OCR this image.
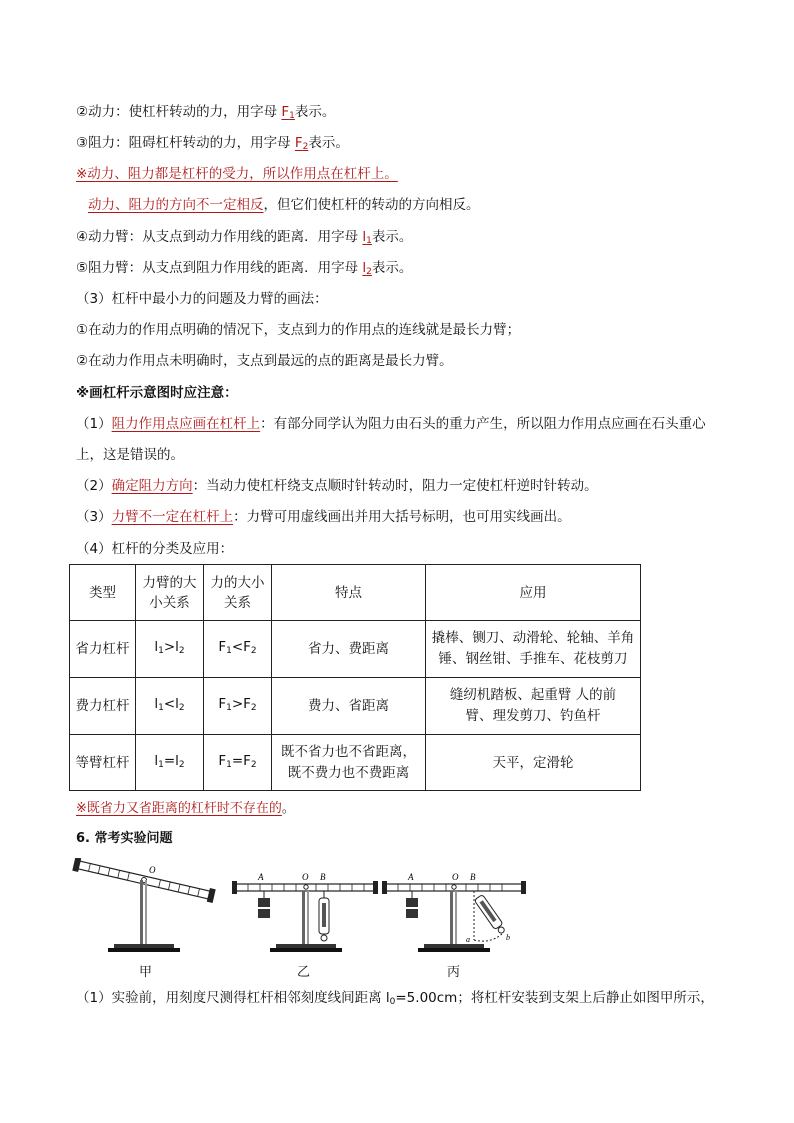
②动力：使杠杆转动的力，用字母 $F_1$表示。
③阻力：阻碍杠杆转动的力，用字母 $F_2$表示。
※动力、阻力都是杠杆的受力，所以作用点在杠杆上。
动力、阻力的方向不一定相反，但它们使杠杆的转动的方向相反。
④动力臂：从支点到动力作用线的距离．用字母 $l_1$表示。
⑤阻力臂：从支点到阻力作用线的距离．用字母 $l_2$表示。
（3）杠杆中最小力的问题及力臂的画法：
①在动力的作用点明确的情况下，支点到力的作用点的连线就是最长力臂；
②在动力作用点未明确时，支点到最远的点的距离是最长力臂。
※画杠杆示意图时应注意：
（1）阻力作用点应画在杠杆上：有部分同学认为阻力由石头的重力产生，所以阻力作用点应画在石头重心
上，这是错误的。
（2）确定阻力方向：当动力使杠杆绕支点顺时针转动时，阻力一定使杠杆逆时针转动。
（3）力臂不一定在杠杆上：力臂可用虚线画出并用大括号标明，也可用实线画出。
（4）杠杆的分类及应用：
类型	力臂的大小关系	力的大小关系	特点	应用
省力杠杆	$l_1>l_2$	$F_1<F_2$	省力、费距离	撬棒、铡刀、动滑轮、轮轴、羊角锤、钢丝钳、手推车、花枝剪刀
费力杠杆	$l_1<l_2$	$F_1>F_2$	费力、省距离	缝纫机踏板、起重臂 人的前臂、理发剪刀、钓鱼杆
等臂杠杆	$l_1=l_2$	$F_1=F_2$	既不省力也不省距离，既不费力也不费距离	天平，定滑轮
※既省力又省距离的杠杆时不存在的。
6. 常考实验问题
O
A	O B	A	O B
a	b
甲	乙	丙
（1）实验前，用刻度尺测得杠杆相邻刻度线间距离 $l_0=5.00cm$；将杠杆安装到支架上后静止如图甲所示，
